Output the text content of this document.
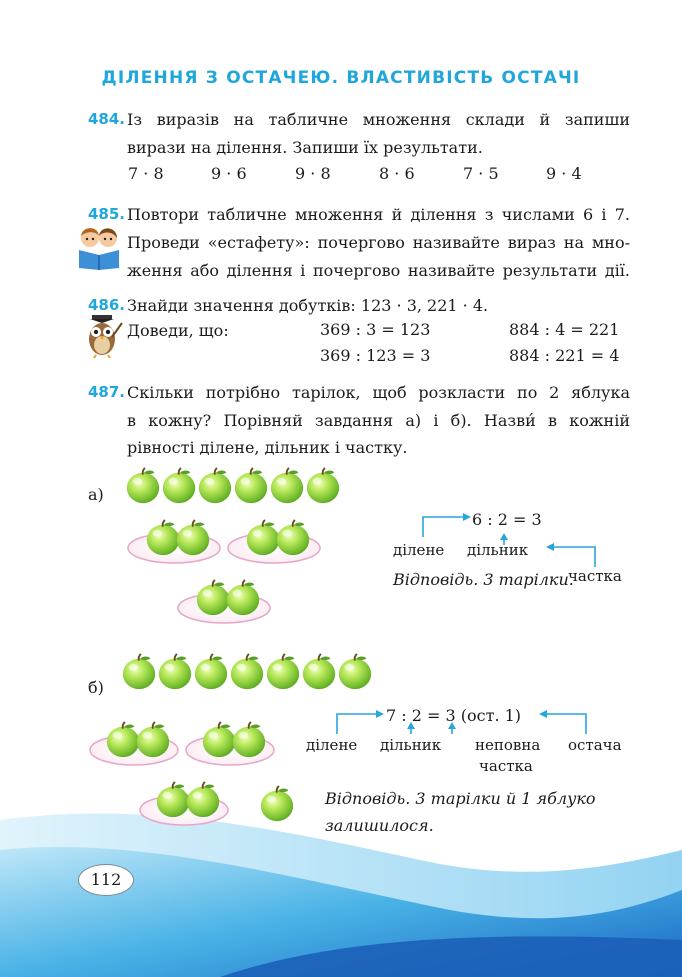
ДІЛЕННЯ З ОСТАЧЕЮ. ВЛАСТИВІСТЬ ОСТАЧІ
484. Із виразів на табличне множення склади й запиши
вирази на ділення. Запиши їх результати.
7 · 8	9 · 6	9 · 8	8 · 6	7 · 5	9 · 4
485. Повтори табличне множення й ділення з числами 6 і 7.
Проведи «естафету»: почергово називайте вираз на мно-
ження або ділення і почергово називайте результати дії.
486. Знайди значення добутків: 123 · 3, 221 · 4.
Доведи, що:	369 : 3 = 123	884 : 4 = 221
369 : 123 = 3	884 : 221 = 4
487. Скільки потрібно тарілок, щоб розкласти по 2 яблука
в кожну? Порівняй завдання а) і б). Назви́ в кожній
рівності ділене, дільник і частку.
а)
6 : 2 = 3
ділене дільник
частка
Відповідь. 3 тарілки.
б)
7 : 2 = 3 (ост. 1)
ділене дільник неповна
частка
остача
Відповідь. 3 тарілки й 1 яблуко
залишилося.
112
